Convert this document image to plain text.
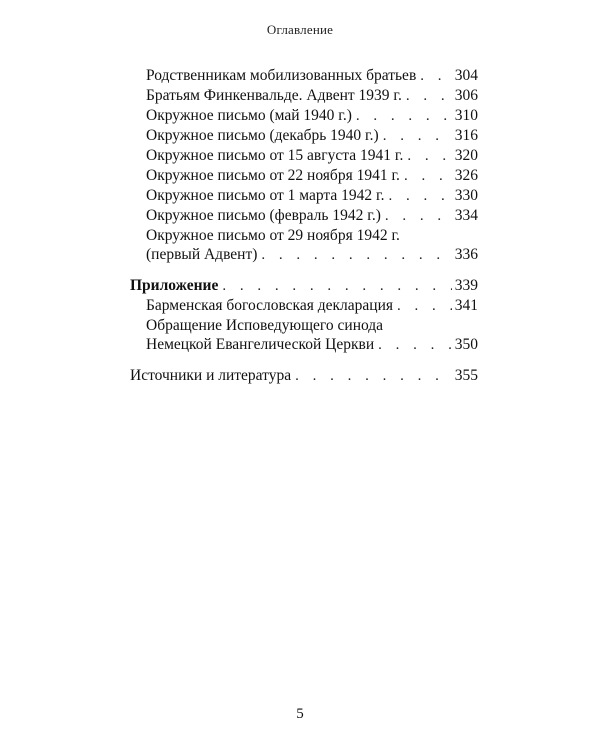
Оглавление
Родственникам мобилизованных братьев . . . 304
Братьям Финкенвальде. Адвент 1939 г. . . .	306
Окружное письмо (май 1940 г.) . . .	310
Окружное письмо (декабрь 1940 г.) . . .	316
Окружное письмо от 15 августа 1941 г. . . .	320
Окружное письмо от 22 ноября 1941 г. . . .	326
Окружное письмо от 1 марта 1942 г. . . .	330
Окружное письмо (февраль 1942 г.) . . .	334
Окружное письмо от 29 ноября 1942 г.
(первый Адвент) . . .	336
Приложение . . .	339
Барменская богословская декларация . . .	341
Обращение Исповедующего синода
Немецкой Евангелической Церкви . . .	350
Источники и литература . . .	355
5
